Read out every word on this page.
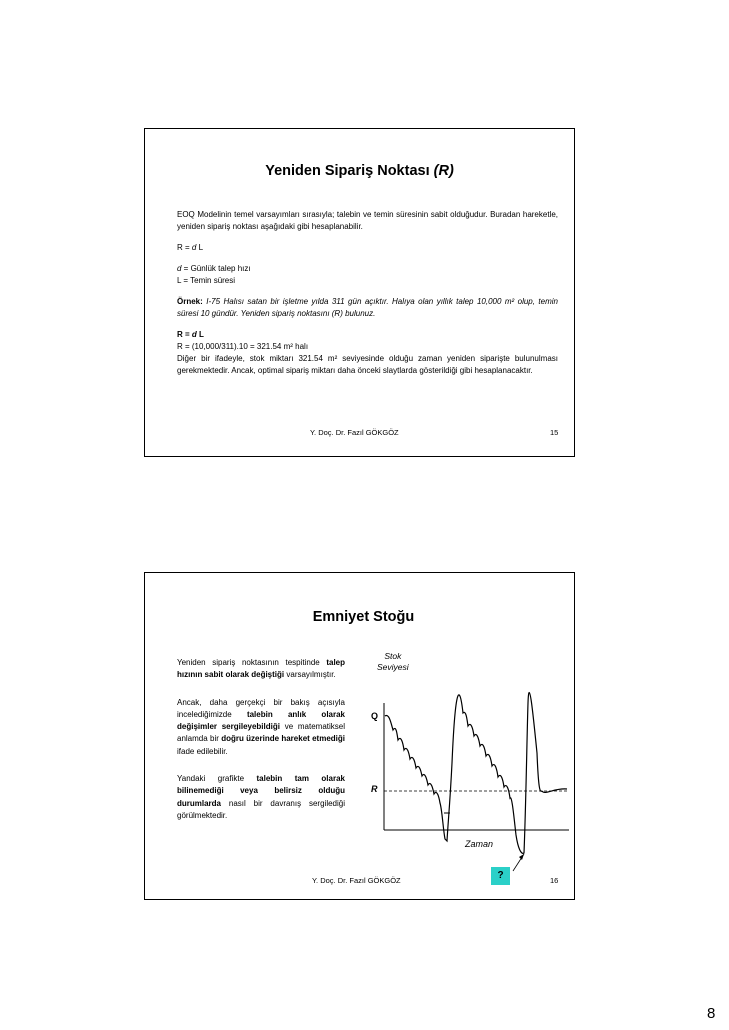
Yeniden Sipariş Noktası (R)

EOQ Modelinin temel varsayımları sırasıyla; talebin ve temin süresinin sabit olduğudur. Buradan hareketle, yeniden sipariş noktası aşağıdaki gibi hesaplanabilir.

R = d L

d = Günlük talep hızı

L = Temin süresi

Örnek: I-75 Halısı satan bir işletme yılda 311 gün açıktır. Halıya olan yıllık talep 10,000 m² olup, temin süresi 10 gündür. Yeniden sipariş noktasını (R) bulunuz.

R = d L

R = (10,000/311).10 = 321.54 m² halı

Diğer bir ifadeyle, stok miktarı 321.54 m² seviyesinde olduğu zaman yeniden siparişte bulunulması gerekmektedir. Ancak, optimal sipariş miktarı daha önceki slaytlarda gösterildiği gibi hesaplanacaktır.

Y. Doç. Dr. Fazıl GÖKGÖZ	15
Emniyet Stoğu

Yeniden sipariş noktasının tespitinde talep hızının sabit olarak değiştiği varsayılmıştır.

Ancak, daha gerçekçi bir bakış açısıyla incelediğimizde talebin anlık olarak değişimler sergileyebildiği ve matematiksel anlamda bir doğru üzerinde hareket etmediği ifade edilebilir.

Yandaki grafikte talebin tam olarak bilinemediği veya belirsiz olduğu durumlarda nasıl bir davranış sergilediği görülmektedir.

Stok
Seviyesi
Q
R
Zaman
?
Y. Doç. Dr. Fazıl GÖKGÖZ	16
8
